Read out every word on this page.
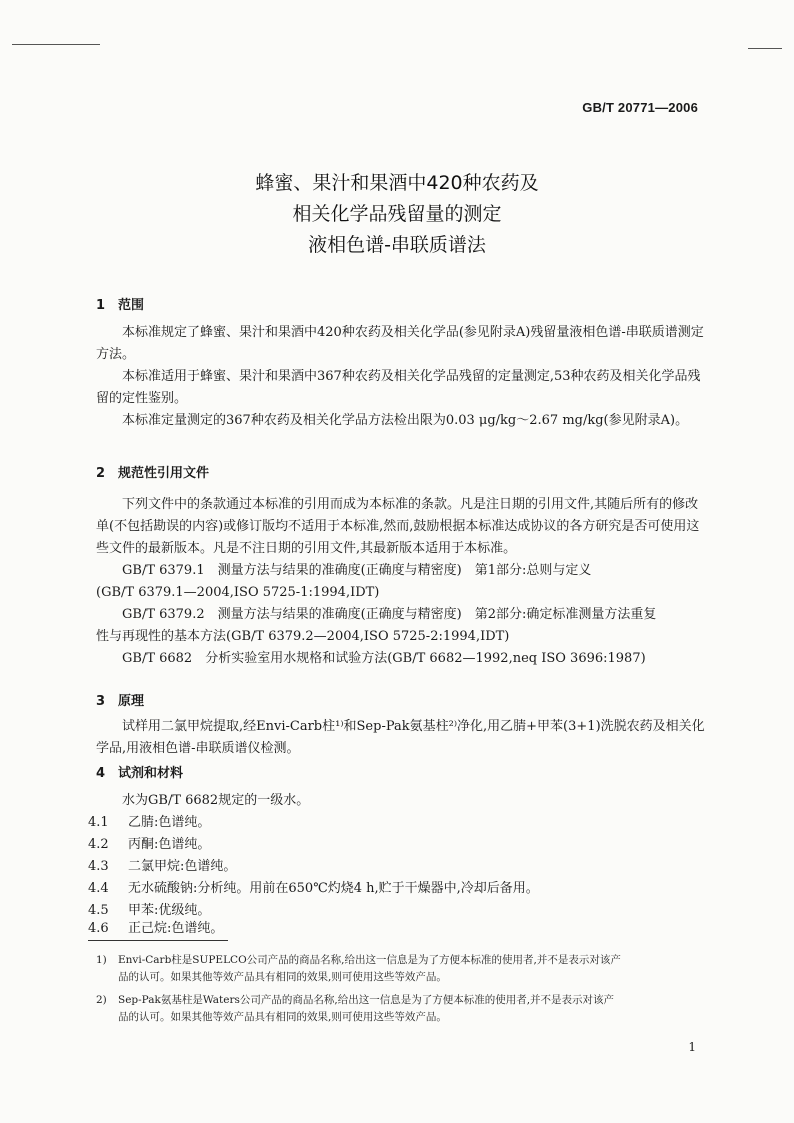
GB/T 20771—2006
蜂蜜、果汁和果酒中420种农药及
相关化学品残留量的测定
液相色谱-串联质谱法
1 范围
本标准规定了蜂蜜、果汁和果酒中420种农药及相关化学品(参见附录A)残留量液相色谱-串联质谱测定方法。
本标准适用于蜂蜜、果汁和果酒中367种农药及相关化学品残留的定量测定,53种农药及相关化学品残留的定性鉴别。
本标准定量测定的367种农药及相关化学品方法检出限为0.03 μg/kg～2.67 mg/kg(参见附录A)。
2 规范性引用文件
下列文件中的条款通过本标准的引用而成为本标准的条款。凡是注日期的引用文件,其随后所有的修改单(不包括勘误的内容)或修订版均不适用于本标准,然而,鼓励根据本标准达成协议的各方研究是否可使用这些文件的最新版本。凡是不注日期的引用文件,其最新版本适用于本标准。
GB/T 6379.1　测量方法与结果的准确度(正确度与精密度)　第1部分:总则与定义
(GB/T 6379.1—2004,ISO 5725-1:1994,IDT)
GB/T 6379.2　测量方法与结果的准确度(正确度与精密度)　第2部分:确定标准测量方法重复
性与再现性的基本方法(GB/T 6379.2—2004,ISO 5725-2:1994,IDT)
GB/T 6682　分析实验室用水规格和试验方法(GB/T 6682—1992,neq ISO 3696:1987)
3 原理
试样用二氯甲烷提取,经Envi-Carb柱¹⁾和Sep-Pak氨基柱²⁾净化,用乙腈+甲苯(3+1)洗脱农药及相关化学品,用液相色谱-串联质谱仪检测。
4 试剂和材料
水为GB/T 6682规定的一级水。
4.1 乙腈:色谱纯。
4.2 丙酮:色谱纯。
4.3 二氯甲烷:色谱纯。
4.4 无水硫酸钠:分析纯。用前在650℃灼烧4 h,贮于干燥器中,冷却后备用。
4.5 甲苯:优级纯。
4.6 正己烷:色谱纯。
1) Envi-Carb柱是SUPELCO公司产品的商品名称,给出这一信息是为了方便本标准的使用者,并不是表示对该产
品的认可。如果其他等效产品具有相同的效果,则可使用这些等效产品。
2) Sep-Pak氨基柱是Waters公司产品的商品名称,给出这一信息是为了方便本标准的使用者,并不是表示对该产
品的认可。如果其他等效产品具有相同的效果,则可使用这些等效产品。
1
